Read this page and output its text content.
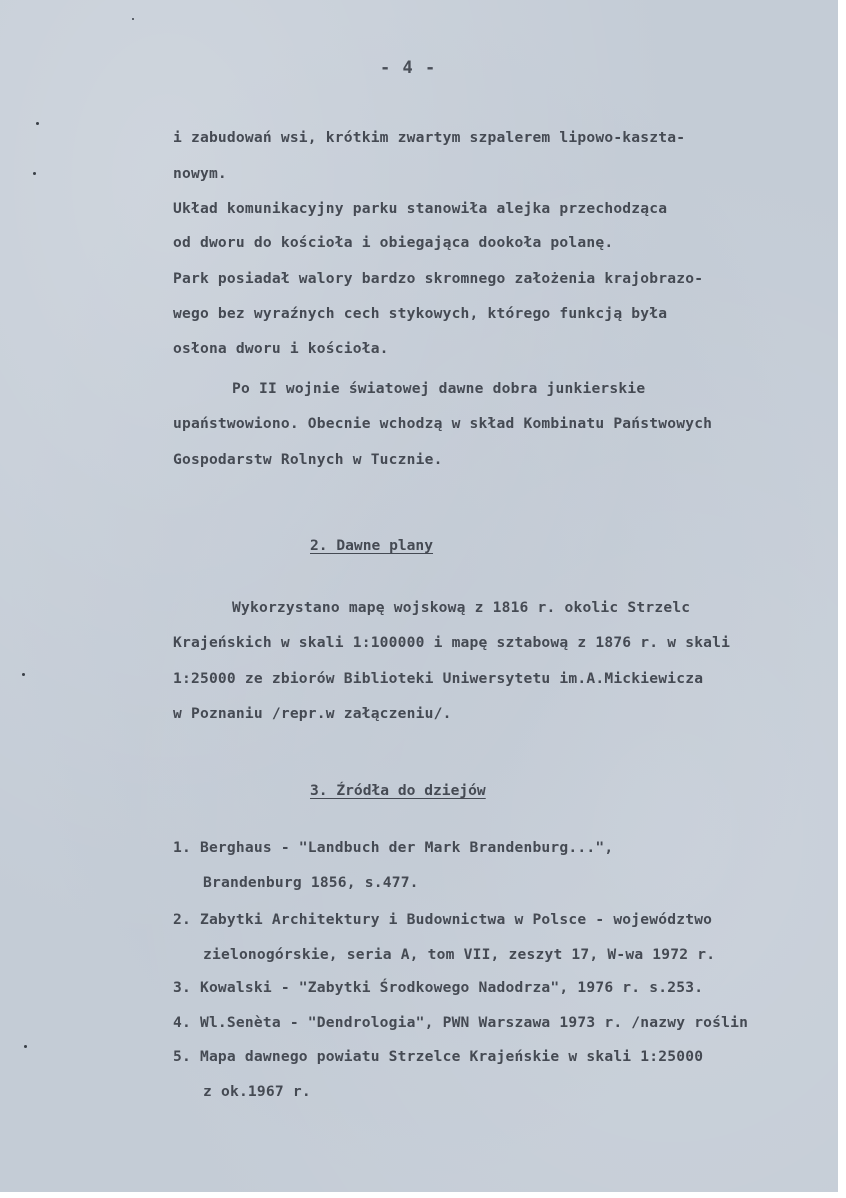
- 4 -
i zabudowań wsi, krótkim zwartym szpalerem lipowo-kaszta-
nowym.
Układ komunikacyjny parku stanowiła alejka przechodząca
od dworu do kościoła i obiegająca dookoła polanę.
Park posiadał walory bardzo skromnego założenia krajobrazo-
wego bez wyraźnych cech stykowych, którego funkcją była
osłona dworu i kościoła.
Po II wojnie światowej dawne dobra junkierskie
upaństwowiono. Obecnie wchodzą w skład Kombinatu Państwowych
Gospodarstw Rolnych w Tucznie.
2. Dawne plany
Wykorzystano mapę wojskową z 1816 r. okolic Strzelc
Krajeńskich w skali 1:100000 i mapę sztabową z 1876 r. w skali
1:25000 ze zbiorów Biblioteki Uniwersytetu im.A.Mickiewicza
w Poznaniu /repr.w załączeniu/.
3. Źródła do dziejów
1. Berghaus - "Landbuch der Mark Brandenburg...",
Brandenburg 1856, s.477.
2. Zabytki Architektury i Budownictwa w Polsce - województwo
zielonogórskie, seria A, tom VII, zeszyt 17, W-wa 1972 r.
3. Kowalski - "Zabytki Środkowego Nadodrza", 1976 r. s.253.
4. Wl.Senèta - "Dendrologia", PWN Warszawa 1973 r. /nazwy roślin
5. Mapa dawnego powiatu Strzelce Krajeńskie w skali 1:25000
z ok.1967 r.
